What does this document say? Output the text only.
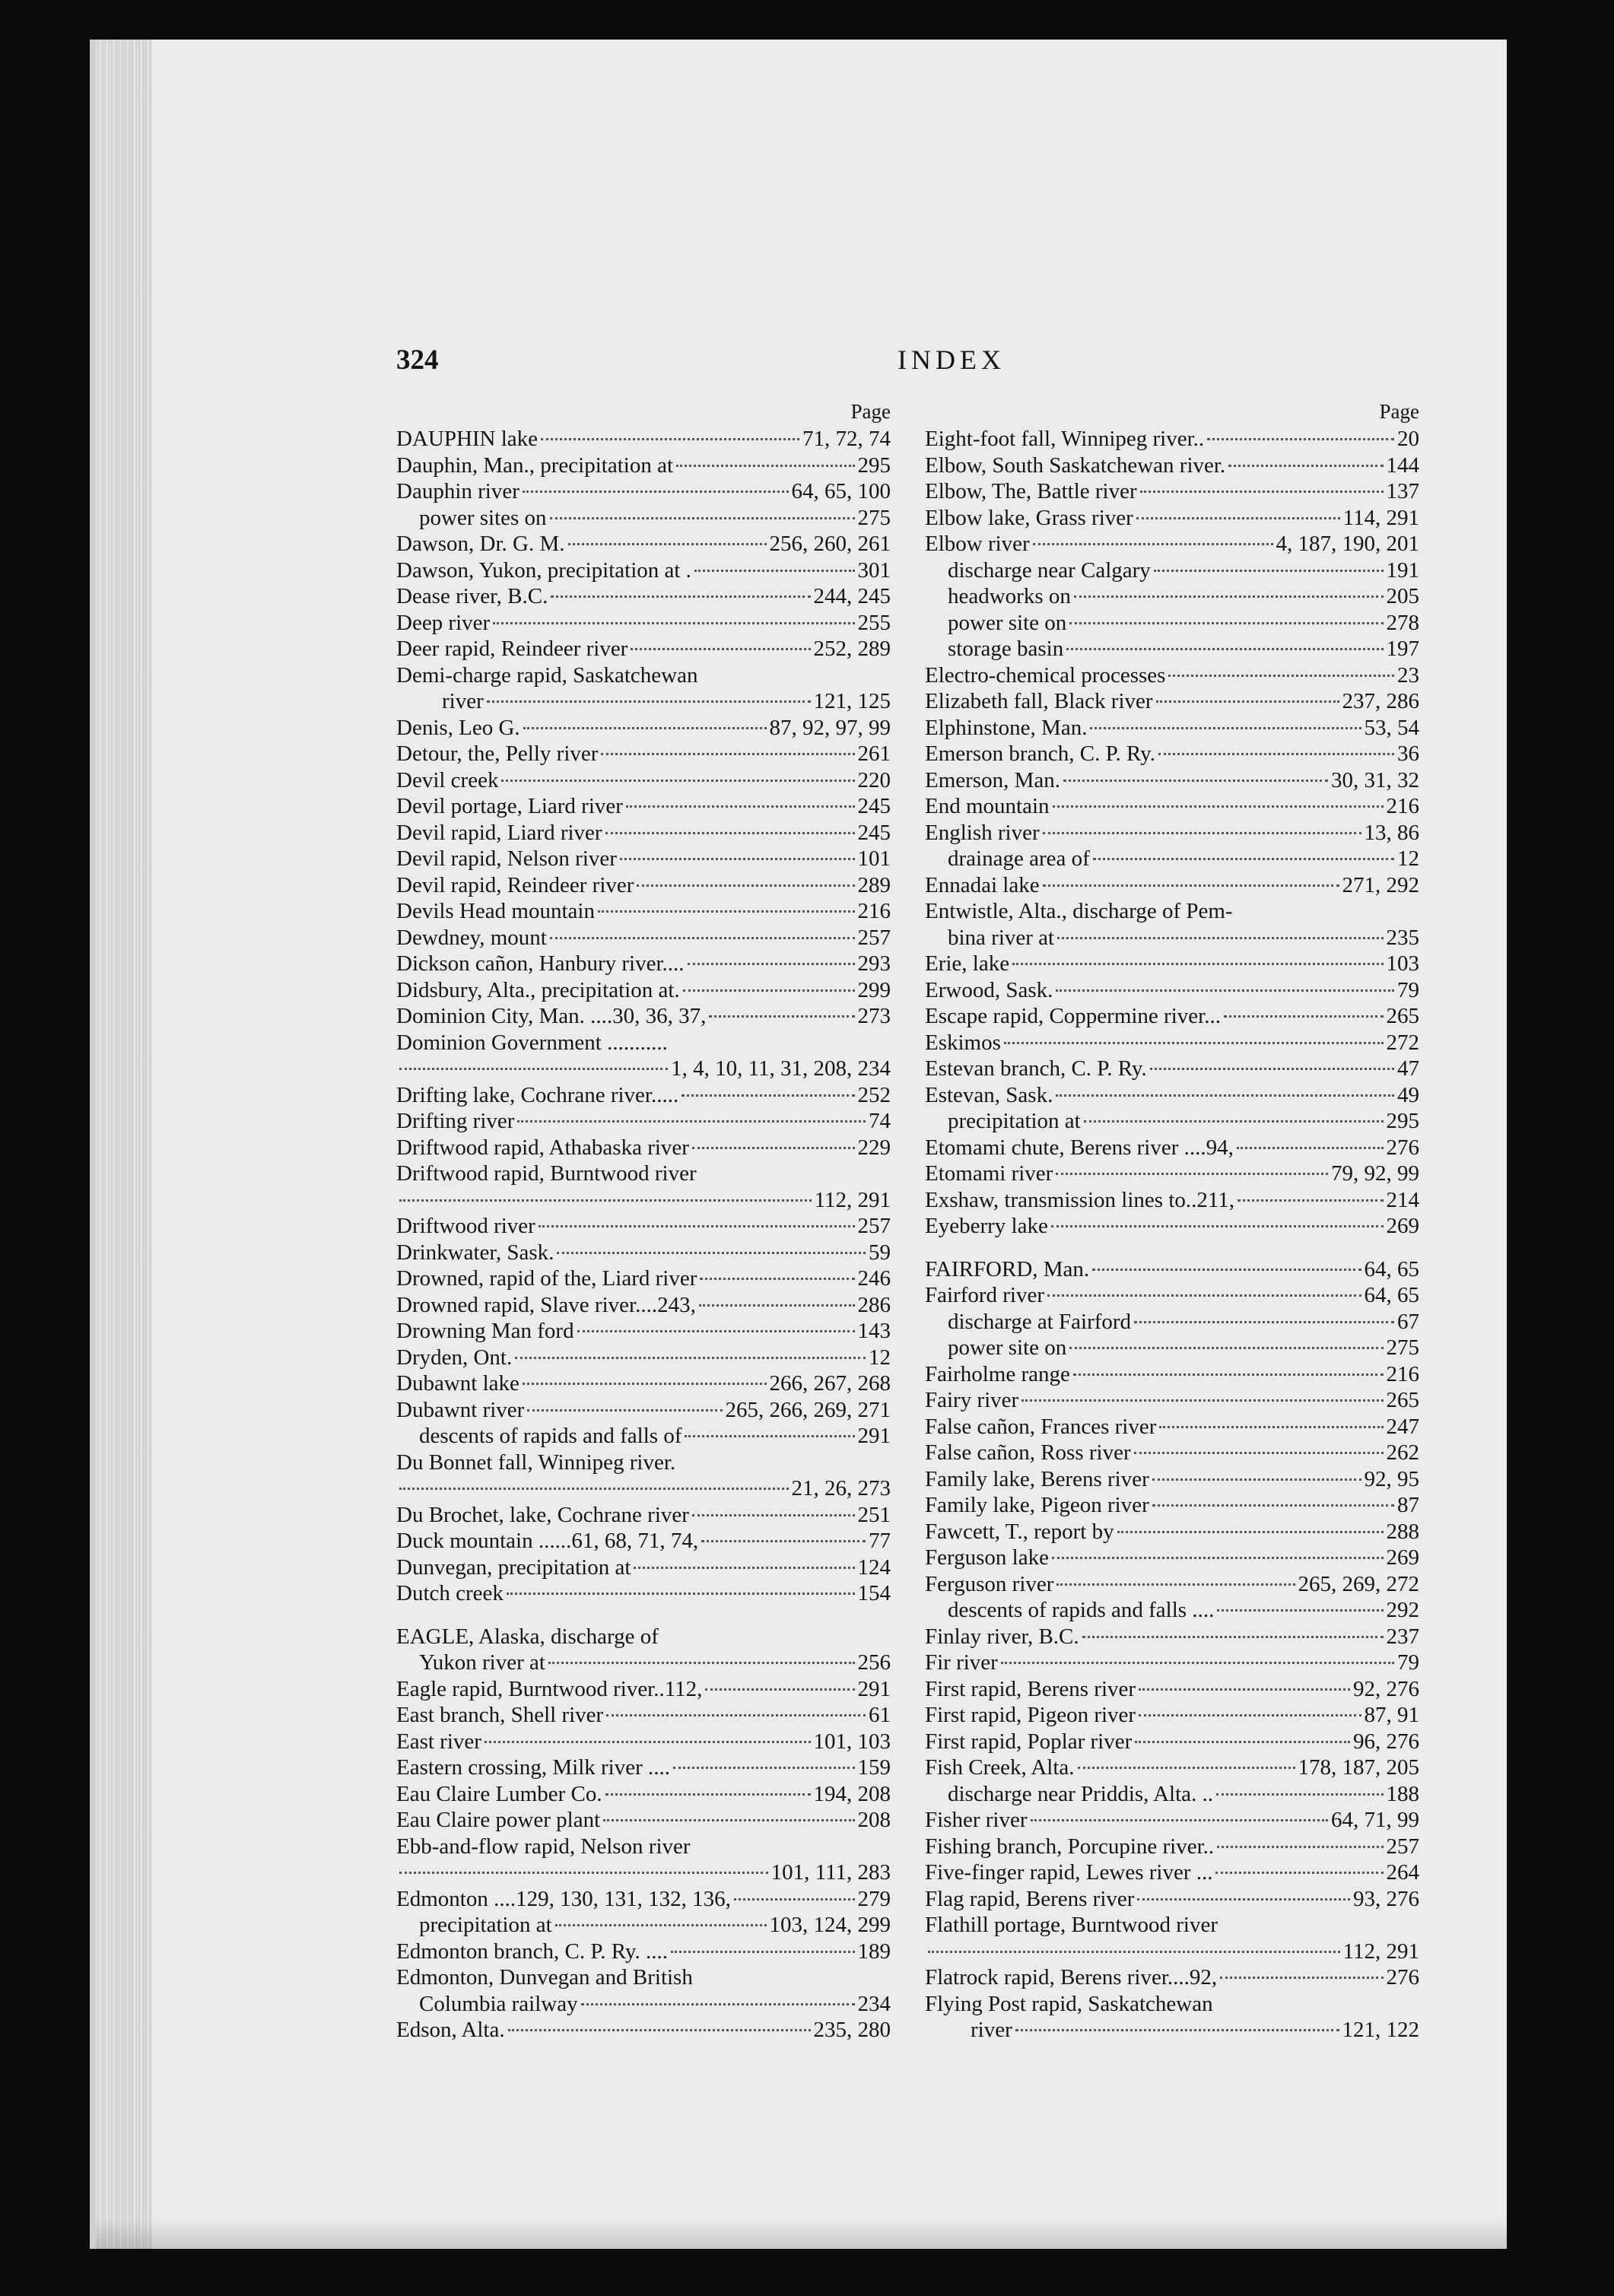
324	INDEX
Page
DAUPHIN lake	71, 72, 74
Dauphin, Man., precipitation at	295
Dauphin river	64, 65, 100
power sites on	275
Dawson, Dr. G. M.	256, 260, 261
Dawson, Yukon, precipitation at .	301
Dease river, B.C.	244, 245
Deep river	255
Deer rapid, Reindeer river	252, 289
Demi-charge rapid, Saskatchewan
river	121, 125
Denis, Leo G.	87, 92, 97, 99
Detour, the, Pelly river	261
Devil creek	220
Devil portage, Liard river	245
Devil rapid, Liard river	245
Devil rapid, Nelson river	101
Devil rapid, Reindeer river	289
Devils Head mountain	216
Dewdney, mount	257
Dickson cañon, Hanbury river....	293
Didsbury, Alta., precipitation at.	299
Dominion City, Man. ....30, 36, 37,	273
Dominion Government ...........
1, 4, 10, 11, 31, 208, 234
Drifting lake, Cochrane river.....	252
Drifting river	74
Driftwood rapid, Athabaska river	229
Driftwood rapid, Burntwood river
112, 291
Driftwood river	257
Drinkwater, Sask.	59
Drowned, rapid of the, Liard river	246
Drowned rapid, Slave river....243,	286
Drowning Man ford	143
Dryden, Ont.	12
Dubawnt lake	266, 267, 268
Dubawnt river	265, 266, 269, 271
descents of rapids and falls of	291
Du Bonnet fall, Winnipeg river.
21, 26, 273
Du Brochet, lake, Cochrane river	251
Duck mountain ......61, 68, 71, 74,	77
Dunvegan, precipitation at	124
Dutch creek	154
EAGLE, Alaska, discharge of
Yukon river at	256
Eagle rapid, Burntwood river..112,	291
East branch, Shell river	61
East river	101, 103
Eastern crossing, Milk river ....	159
Eau Claire Lumber Co.	194, 208
Eau Claire power plant	208
Ebb-and-flow rapid, Nelson river
101, 111, 283
Edmonton ....129, 130, 131, 132, 136,	279
precipitation at	103, 124, 299
Edmonton branch, C. P. Ry. ....	189
Edmonton, Dunvegan and British
Columbia railway	234
Edson, Alta.	235, 280
Page
Eight-foot fall, Winnipeg river..	20
Elbow, South Saskatchewan river.	144
Elbow, The, Battle river	137
Elbow lake, Grass river	114, 291
Elbow river	4, 187, 190, 201
discharge near Calgary	191
headworks on	205
power site on	278
storage basin	197
Electro-chemical processes	23
Elizabeth fall, Black river	237, 286
Elphinstone, Man.	53, 54
Emerson branch, C. P. Ry.	36
Emerson, Man.	30, 31, 32
End mountain	216
English river	13, 86
drainage area of	12
Ennadai lake	271, 292
Entwistle, Alta., discharge of Pem-
bina river at	235
Erie, lake	103
Erwood, Sask.	79
Escape rapid, Coppermine river...	265
Eskimos	272
Estevan branch, C. P. Ry.	47
Estevan, Sask.	49
precipitation at	295
Etomami chute, Berens river ....94,	276
Etomami river	79, 92, 99
Exshaw, transmission lines to..211,	214
Eyeberry lake	269
FAIRFORD, Man.	64, 65
Fairford river	64, 65
discharge at Fairford	67
power site on	275
Fairholme range	216
Fairy river	265
False cañon, Frances river	247
False cañon, Ross river	262
Family lake, Berens river	92, 95
Family lake, Pigeon river	87
Fawcett, T., report by	288
Ferguson lake	269
Ferguson river	265, 269, 272
descents of rapids and falls ....	292
Finlay river, B.C.	237
Fir river	79
First rapid, Berens river	92, 276
First rapid, Pigeon river	87, 91
First rapid, Poplar river	96, 276
Fish Creek, Alta.	178, 187, 205
discharge near Priddis, Alta. ..	188
Fisher river	64, 71, 99
Fishing branch, Porcupine river..	257
Five-finger rapid, Lewes river ...	264
Flag rapid, Berens river	93, 276
Flathill portage, Burntwood river
112, 291
Flatrock rapid, Berens river....92,	276
Flying Post rapid, Saskatchewan
river	121, 122
